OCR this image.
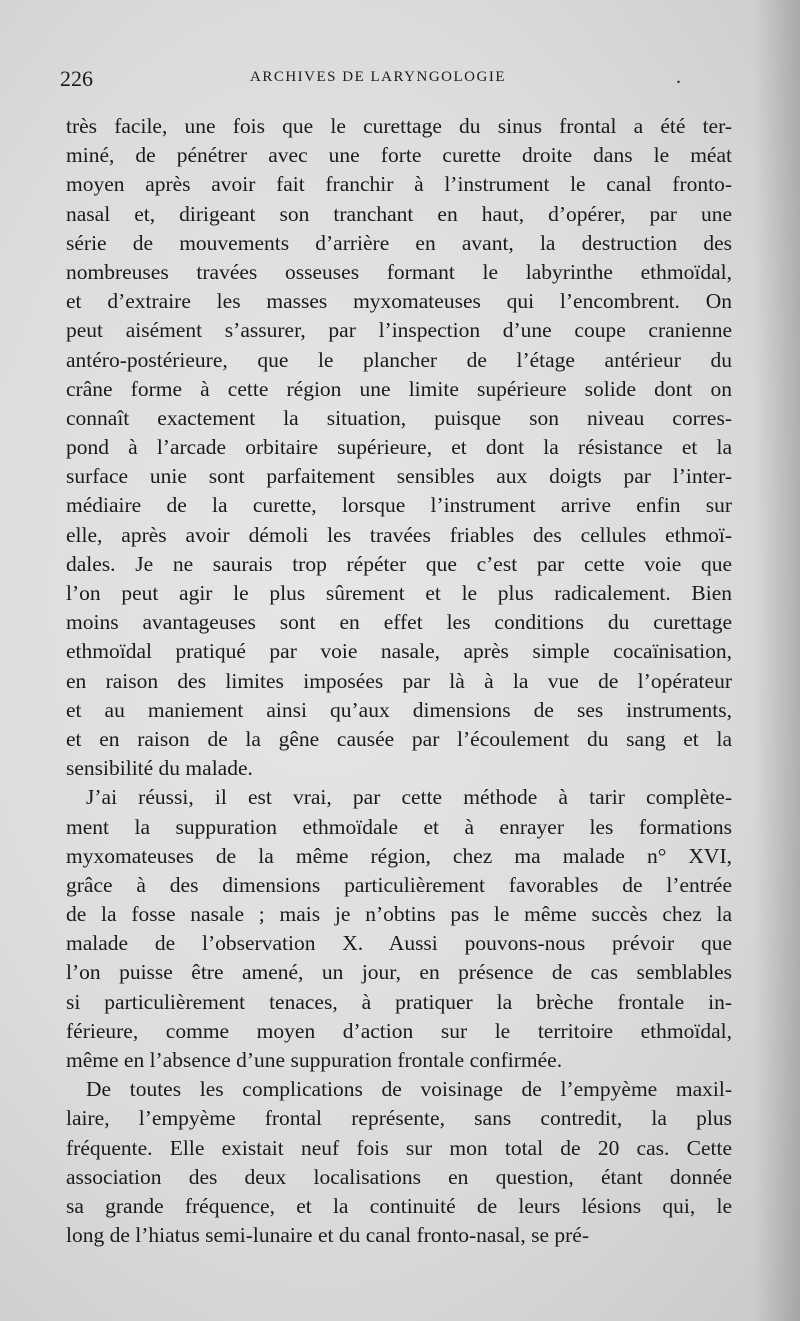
226	ARCHIVES DE LARYNGOLOGIE	.
très facile, une fois que le curettage du sinus frontal a été ter-
miné, de pénétrer avec une forte curette droite dans le méat
moyen après avoir fait franchir à l’instrument le canal fronto-
nasal et, dirigeant son tranchant en haut, d’opérer, par une
série de mouvements d’arrière en avant, la destruction des
nombreuses travées osseuses formant le labyrinthe ethmoïdal,
et d’extraire les masses myxomateuses qui l’encombrent. On
peut aisément s’assurer, par l’inspection d’une coupe cranienne
antéro-postérieure, que le plancher de l’étage antérieur du
crâne forme à cette région une limite supérieure solide dont on
connaît exactement la situation, puisque son niveau corres-
pond à l’arcade orbitaire supérieure, et dont la résistance et la
surface unie sont parfaitement sensibles aux doigts par l’inter-
médiaire de la curette, lorsque l’instrument arrive enfin sur
elle, après avoir démoli les travées friables des cellules ethmoï-
dales. Je ne saurais trop répéter que c’est par cette voie que
l’on peut agir le plus sûrement et le plus radicalement. Bien
moins avantageuses sont en effet les conditions du curettage
ethmoïdal pratiqué par voie nasale, après simple cocaïnisation,
en raison des limites imposées par là à la vue de l’opérateur
et au maniement ainsi qu’aux dimensions de ses instruments,
et en raison de la gêne causée par l’écoulement du sang et la
sensibilité du malade.
J’ai réussi, il est vrai, par cette méthode à tarir complète-
ment la suppuration ethmoïdale et à enrayer les formations
myxomateuses de la même région, chez ma malade n° XVI,
grâce à des dimensions particulièrement favorables de l’entrée
de la fosse nasale ; mais je n’obtins pas le même succès chez la
malade de l’observation X. Aussi pouvons-nous prévoir que
l’on puisse être amené, un jour, en présence de cas semblables
si particulièrement tenaces, à pratiquer la brèche frontale in-
férieure, comme moyen d’action sur le territoire ethmoïdal,
même en l’absence d’une suppuration frontale confirmée.
De toutes les complications de voisinage de l’empyème maxil-
laire, l’empyème frontal représente, sans contredit, la plus
fréquente. Elle existait neuf fois sur mon total de 20 cas. Cette
association des deux localisations en question, étant donnée
sa grande fréquence, et la continuité de leurs lésions qui, le
long de l’hiatus semi-lunaire et du canal fronto-nasal, se pré-
